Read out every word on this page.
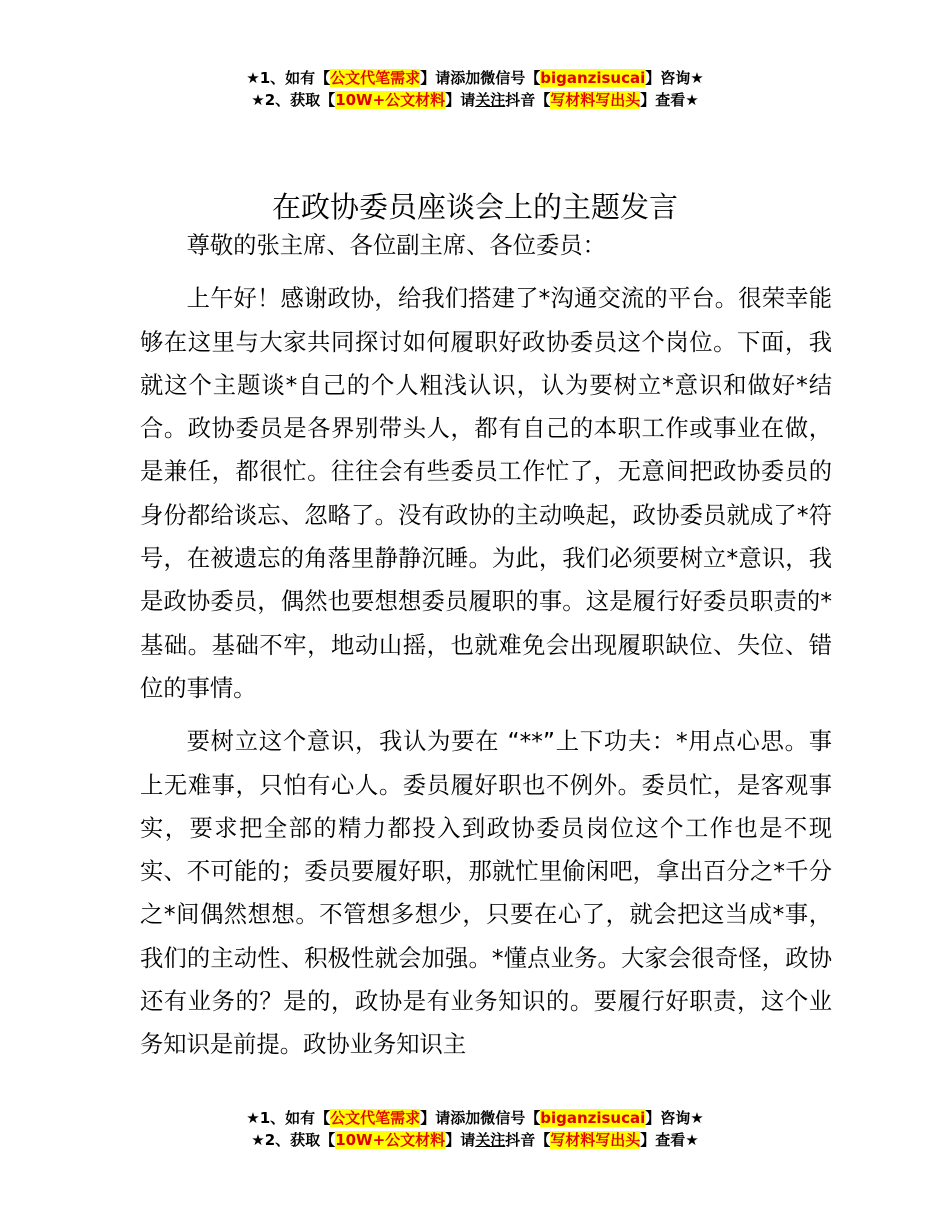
★1、如有【公文代笔需求】请添加微信号【biganzisucai】咨询★
★2、获取【10W+公文材料】请关注抖音【写材料写出头】查看★
在政协委员座谈会上的主题发言

尊敬的张主席、各位副主席、各位委员：

上午好！感谢政协，给我们搭建了*沟通交流的平台。很荣幸能够在这里与大家共同探讨如何履职好政协委员这个岗位。下面，我就这个主题谈*自己的个人粗浅认识，认为要树立*意识和做好*结合。政协委员是各界别带头人，都有自己的本职工作或事业在做，是兼任，都很忙。往往会有些委员工作忙了，无意间把政协委员的身份都给谈忘、忽略了。没有政协的主动唤起，政协委员就成了*符号，在被遗忘的角落里静静沉睡。为此，我们必须要树立*意识，我是政协委员，偶然也要想想委员履职的事。这是履行好委员职责的*基础。基础不牢，地动山摇，也就难免会出现履职缺位、失位、错位的事情。

要树立这个意识，我认为要在 “**”上下功夫：*用点心思。事上无难事，只怕有心人。委员履好职也不例外。委员忙，是客观事实，要求把全部的精力都投入到政协委员岗位这个工作也是不现实、不可能的；委员要履好职，那就忙里偷闲吧，拿出百分之*千分之*间偶然想想。不管想多想少，只要在心了，就会把这当成*事，我们的主动性、积极性就会加强。*懂点业务。大家会很奇怪，政协还有业务的？是的，政协是有业务知识的。要履行好职责，这个业务知识是前提。政协业务知识主

★1、如有【公文代笔需求】请添加微信号【biganzisucai】咨询★
★2、获取【10W+公文材料】请关注抖音【写材料写出头】查看★
